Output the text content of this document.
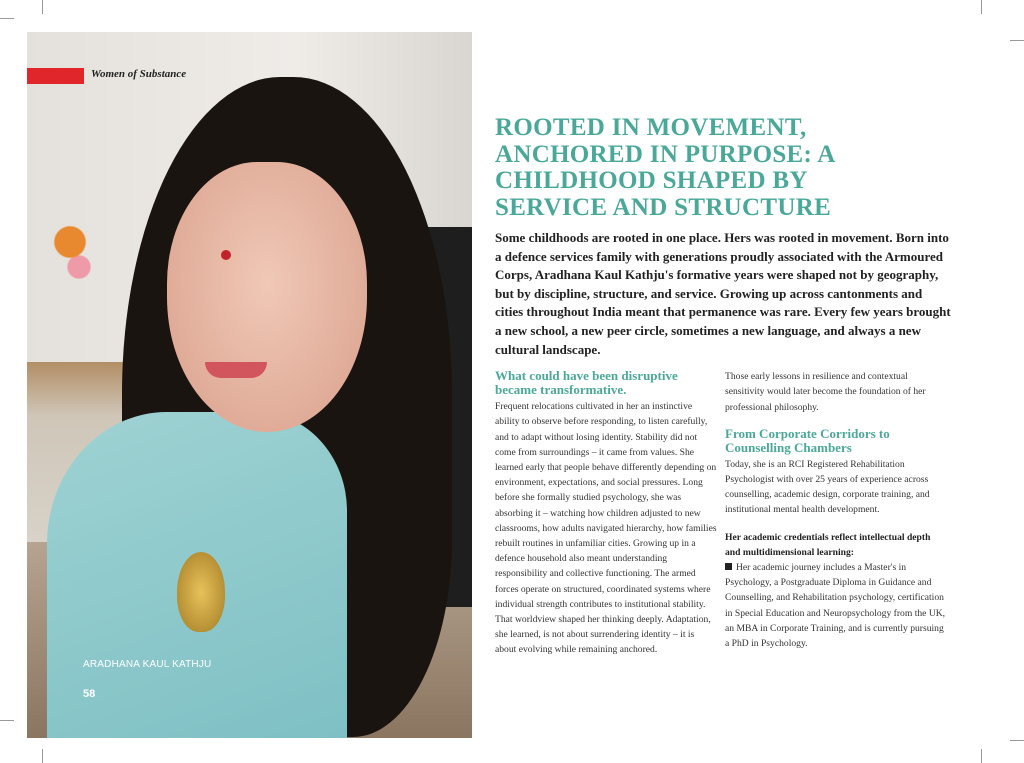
Women of Substance
ARADHANA KAUL KATHJU
58
ROOTED IN MOVEMENT, ANCHORED IN PURPOSE: A CHILDHOOD SHAPED BY SERVICE AND STRUCTURE

Some childhoods are rooted in one place. Hers was rooted in movement. Born into a defence services family with generations proudly associated with the Armoured Corps, Aradhana Kaul Kathju's formative years were shaped not by geography, but by discipline, structure, and service. Growing up across cantonments and cities throughout India meant that permanence was rare. Every few years brought a new school, a new peer circle, sometimes a new language, and always a new cultural landscape.

What could have been disruptive became transformative.

Frequent relocations cultivated in her an instinctive ability to observe before responding, to listen carefully, and to adapt without losing identity. Stability did not come from surroundings – it came from values. She learned early that people behave differently depending on environment, expectations, and social pressures. Long before she formally studied psychology, she was absorbing it – watching how children adjusted to new classrooms, how adults navigated hierarchy, how families rebuilt routines in unfamiliar cities. Growing up in a defence household also meant understanding responsibility and collective functioning. The armed forces operate on structured, coordinated systems where individual strength contributes to institutional stability. That worldview shaped her thinking deeply. Adaptation, she learned, is not about surrendering identity – it is about evolving while remaining anchored.

Those early lessons in resilience and contextual sensitivity would later become the foundation of her professional philosophy.

From Corporate Corridors to Counselling Chambers

Today, she is an RCI Registered Rehabilitation Psychologist with over 25 years of experience across counselling, academic design, corporate training, and institutional mental health development.

Her academic credentials reflect intellectual depth and multidimensional learning:

Her academic journey includes a Master's in Psychology, a Postgraduate Diploma in Guidance and Counselling, and Rehabilitation psychology, certification in Special Education and Neuropsychology from the UK, an MBA in Corporate Training, and is currently pursuing a PhD in Psychology.
